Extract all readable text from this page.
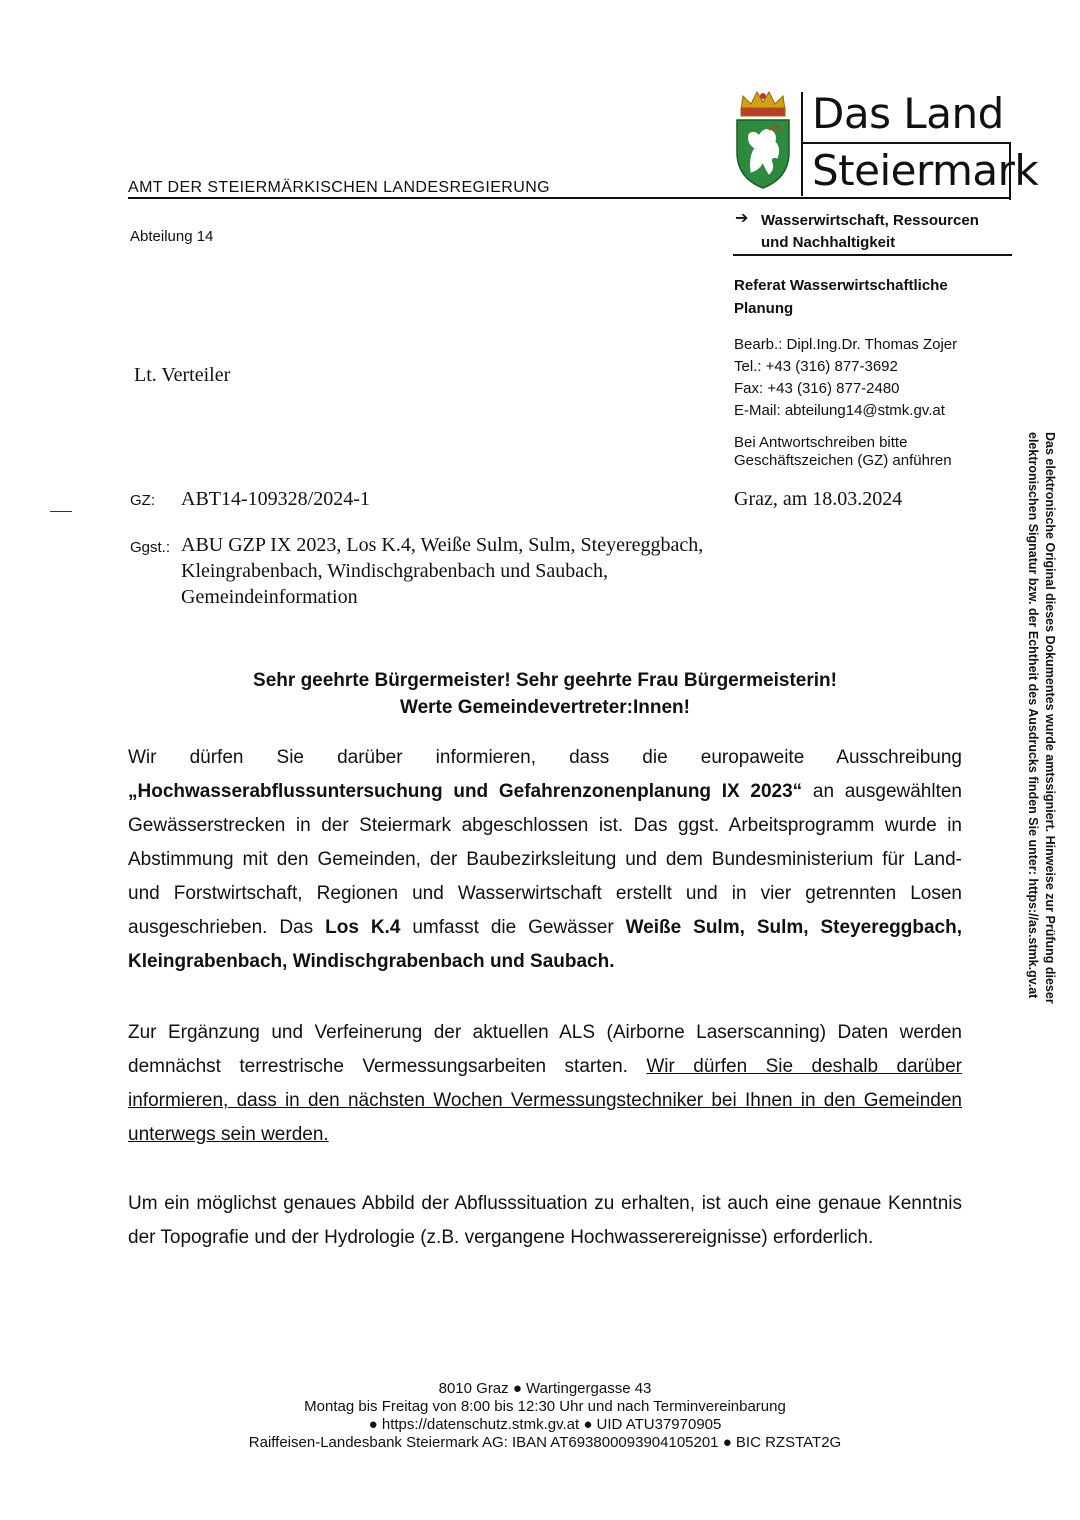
Das Land
Steiermark
AMT DER STEIERMÄRKISCHEN LANDESREGIERUNG
Abteilung 14
➔ Wasserwirtschaft, Ressourcen
und Nachhaltigkeit
Referat Wasserwirtschaftliche
Planung
Bearb.: Dipl.Ing.Dr. Thomas Zojer
Tel.: +43 (316) 877-3692
Fax: +43 (316) 877-2480
E-Mail: abteilung14@stmk.gv.at
Bei Antwortschreiben bitte
Geschäftszeichen (GZ) anführen
Lt. Verteiler
GZ: ABT14-109328/2024-1	Graz, am 18.03.2024
Ggst.: ABU GZP IX 2023, Los K.4, Weiße Sulm, Sulm, Steyereggbach,
Kleingrabenbach, Windischgrabenbach und Saubach,
Gemeindeinformation
Sehr geehrte Bürgermeister! Sehr geehrte Frau Bürgermeisterin!
Werte Gemeindevertreter:Innen!
Wir dürfen Sie darüber informieren, dass die europaweite Ausschreibung „Hochwasserabflussuntersuchung und Gefahrenzonenplanung IX 2023“ an ausgewählten Gewässerstrecken in der Steiermark abgeschlossen ist. Das ggst. Arbeitsprogramm wurde in Abstimmung mit den Gemeinden, der Baubezirksleitung und dem Bundesministerium für Land- und Forstwirtschaft, Regionen und Wasserwirtschaft erstellt und in vier getrennten Losen ausgeschrieben. Das Los K.4 umfasst die Gewässer Weiße Sulm, Sulm, Steyereggbach, Kleingrabenbach, Windischgrabenbach und Saubach.
Zur Ergänzung und Verfeinerung der aktuellen ALS (Airborne Laserscanning) Daten werden demnächst terrestrische Vermessungsarbeiten starten. Wir dürfen Sie deshalb darüber informieren, dass in den nächsten Wochen Vermessungstechniker bei Ihnen in den Gemeinden unterwegs sein werden.
Um ein möglichst genaues Abbild der Abflusssituation zu erhalten, ist auch eine genaue Kenntnis der Topografie und der Hydrologie (z.B. vergangene Hochwasserereignisse) erforderlich.
8010 Graz ● Wartingergasse 43
Montag bis Freitag von 8:00 bis 12:30 Uhr und nach Terminvereinbarung
● https://datenschutz.stmk.gv.at ● UID ATU37970905
Raiffeisen-Landesbank Steiermark AG: IBAN AT693800093904105201 ● BIC RZSTAT2G
Das elektronische Original dieses Dokumentes wurde amtssigniert. Hinweise zur Prüfung dieser
elektronischen Signatur bzw. der Echtheit des Ausdrucks finden Sie unter: https://as.stmk.gv.at
